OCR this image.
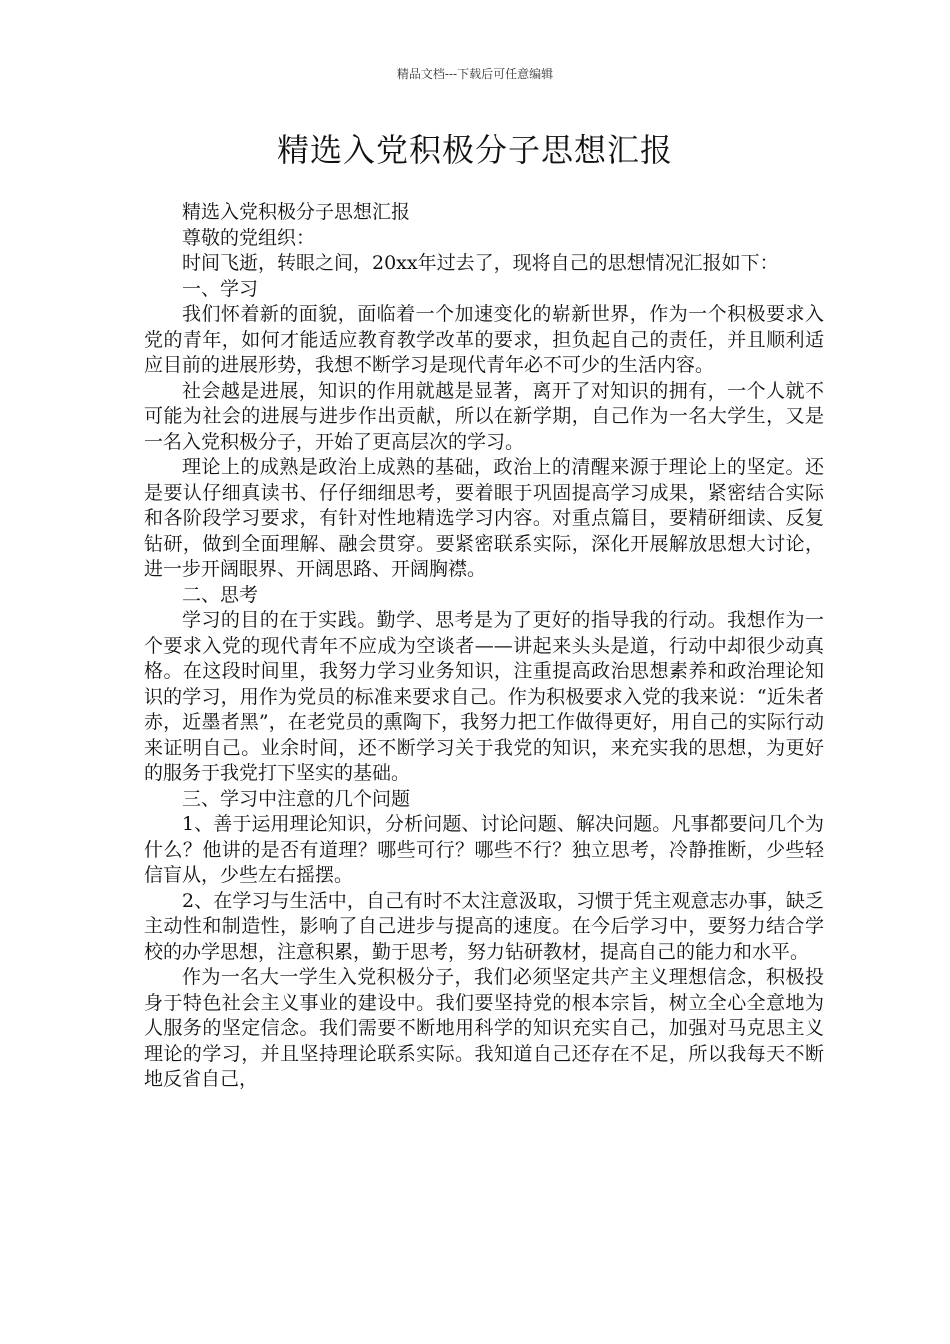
精品文档---下载后可任意编辑
精选入党积极分子思想汇报

精选入党积极分子思想汇报

尊敬的党组织：

时间飞逝，转眼之间，20xx年过去了，现将自己的思想情况汇报如下：

一、学习

我们怀着新的面貌，面临着一个加速变化的崭新世界，作为一个积极要求入党的青年，如何才能适应教育教学改革的要求，担负起自己的责任，并且顺利适应目前的进展形势，我想不断学习是现代青年必不可少的生活内容。

社会越是进展，知识的作用就越是显著，离开了对知识的拥有，一个人就不可能为社会的进展与进步作出贡献，所以在新学期，自己作为一名大学生，又是一名入党积极分子，开始了更高层次的学习。

理论上的成熟是政治上成熟的基础，政治上的清醒来源于理论上的坚定。还是要认仔细真读书、仔仔细细思考，要着眼于巩固提高学习成果，紧密结合实际和各阶段学习要求，有针对性地精选学习内容。对重点篇目，要精研细读、反复钻研，做到全面理解、融会贯穿。要紧密联系实际，深化开展解放思想大讨论，进一步开阔眼界、开阔思路、开阔胸襟。

二、思考

学习的目的在于实践。勤学、思考是为了更好的指导我的行动。我想作为一个要求入党的现代青年不应成为空谈者——讲起来头头是道，行动中却很少动真格。在这段时间里，我努力学习业务知识，注重提高政治思想素养和政治理论知识的学习，用作为党员的标准来要求自己。作为积极要求入党的我来说：“近朱者赤，近墨者黑”，在老党员的熏陶下，我努力把工作做得更好，用自己的实际行动来证明自己。业余时间，还不断学习关于我党的知识，来充实我的思想，为更好的服务于我党打下坚实的基础。

三、学习中注意的几个问题

1、善于运用理论知识，分析问题、讨论问题、解决问题。凡事都要问几个为什么？他讲的是否有道理？哪些可行？哪些不行？独立思考，冷静推断，少些轻信盲从，少些左右摇摆。

2、在学习与生活中，自己有时不太注意汲取，习惯于凭主观意志办事，缺乏主动性和制造性，影响了自己进步与提高的速度。在今后学习中，要努力结合学校的办学思想，注意积累，勤于思考，努力钻研教材，提高自己的能力和水平。

作为一名大一学生入党积极分子，我们必须坚定共产主义理想信念，积极投身于特色社会主义事业的建设中。我们要坚持党的根本宗旨，树立全心全意地为人服务的坚定信念。我们需要不断地用科学的知识充实自己，加强对马克思主义理论的学习，并且坚持理论联系实际。我知道自己还存在不足，所以我每天不断地反省自己，
